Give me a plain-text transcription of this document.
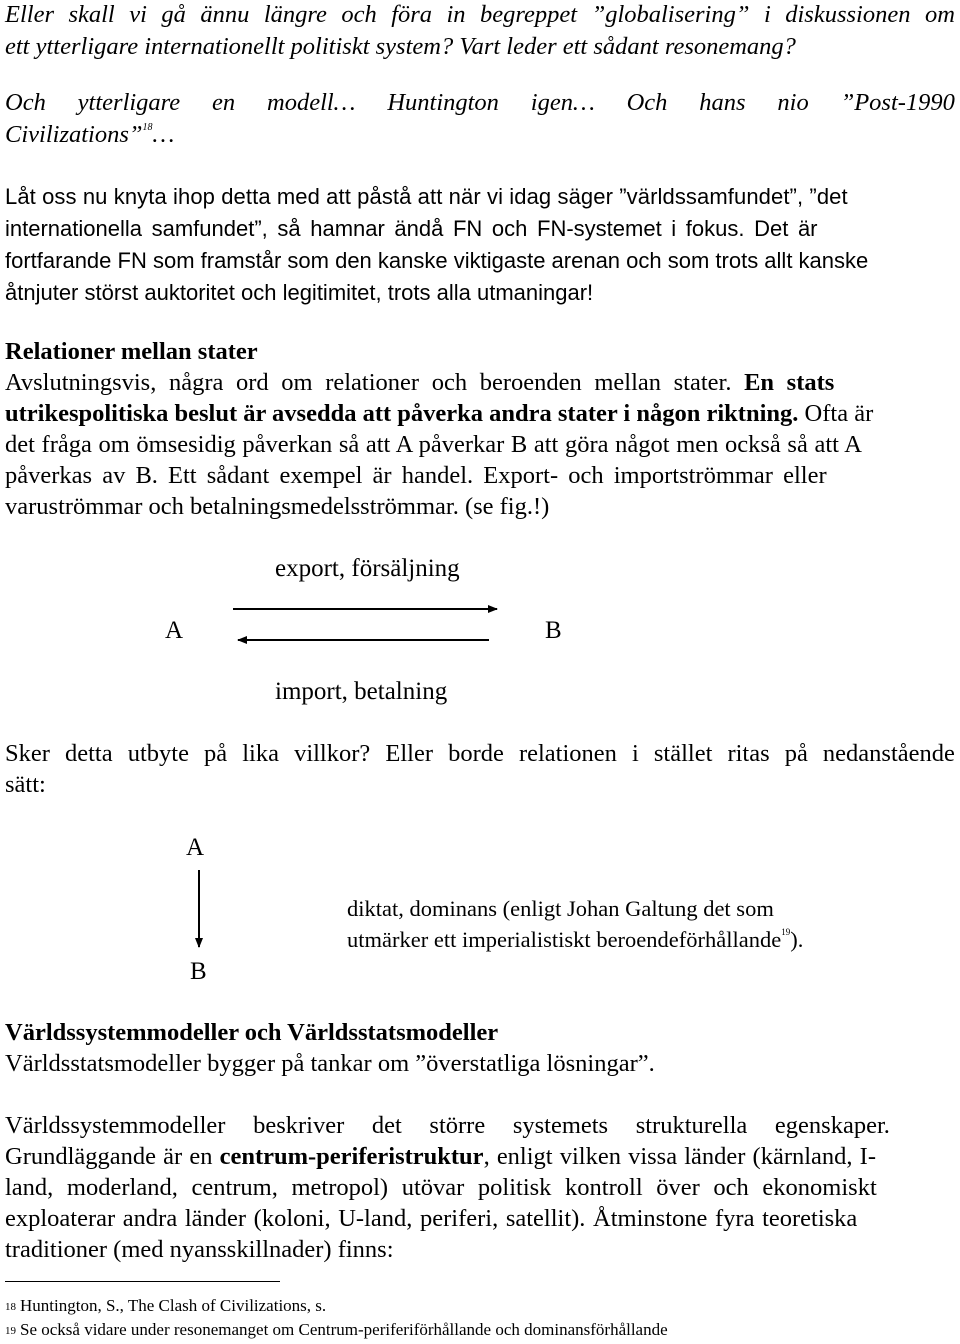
Eller skall vi gå ännu längre och föra in begreppet ”globalisering” i diskussionen om
ett ytterligare internationellt politiskt system? Vart leder ett sådant resonemang?
Och ytterligare en modell… Huntington igen… Och hans nio ”Post-1990
Civilizations”$^{18}$…
Låt oss nu knyta ihop detta med att påstå att när vi idag säger ”världssamfundet”, ”det
internationella samfundet”, så hamnar ändå FN och FN-systemet i fokus. Det är
fortfarande FN som framstår som den kanske viktigaste arenan och som trots allt kanske
åtnjuter störst auktoritet och legitimitet, trots alla utmaningar!
Relationer mellan stater
Avslutningsvis, några ord om relationer och beroenden mellan stater. En stats
utrikespolitiska beslut är avsedda att påverka andra stater i någon riktning. Ofta är
det fråga om ömsesidig påverkan så att A påverkar B att göra något men också så att A
påverkas av B. Ett sådant exempel är handel. Export- och importströmmar eller
varuströmmar och betalningsmedelsströmmar. (se fig.!)
export, försäljning
A	B
import, betalning
Sker detta utbyte på lika villkor? Eller borde relationen i stället ritas på nedanstående
sätt:
A
B
diktat, dominans (enligt Johan Galtung det som
utmärker ett imperialistiskt beroendeförhållande$^{19}$).
Världssystemmodeller och Världsstatsmodeller
Världsstatsmodeller bygger på tankar om ”överstatliga lösningar”.
Världssystemmodeller beskriver det större systemets strukturella egenskaper.
Grundläggande är en centrum-periferistruktur, enligt vilken vissa länder (kärnland, I-
land, moderland, centrum, metropol) utövar politisk kontroll över och ekonomiskt
exploaterar andra länder (koloni, U-land, periferi, satellit). Åtminstone fyra teoretiska
traditioner (med nyansskillnader) finns:
18 Huntington, S., The Clash of Civilizations, s.
19 Se också vidare under resonemanget om Centrum-periferiförhållande och dominansförhållande
